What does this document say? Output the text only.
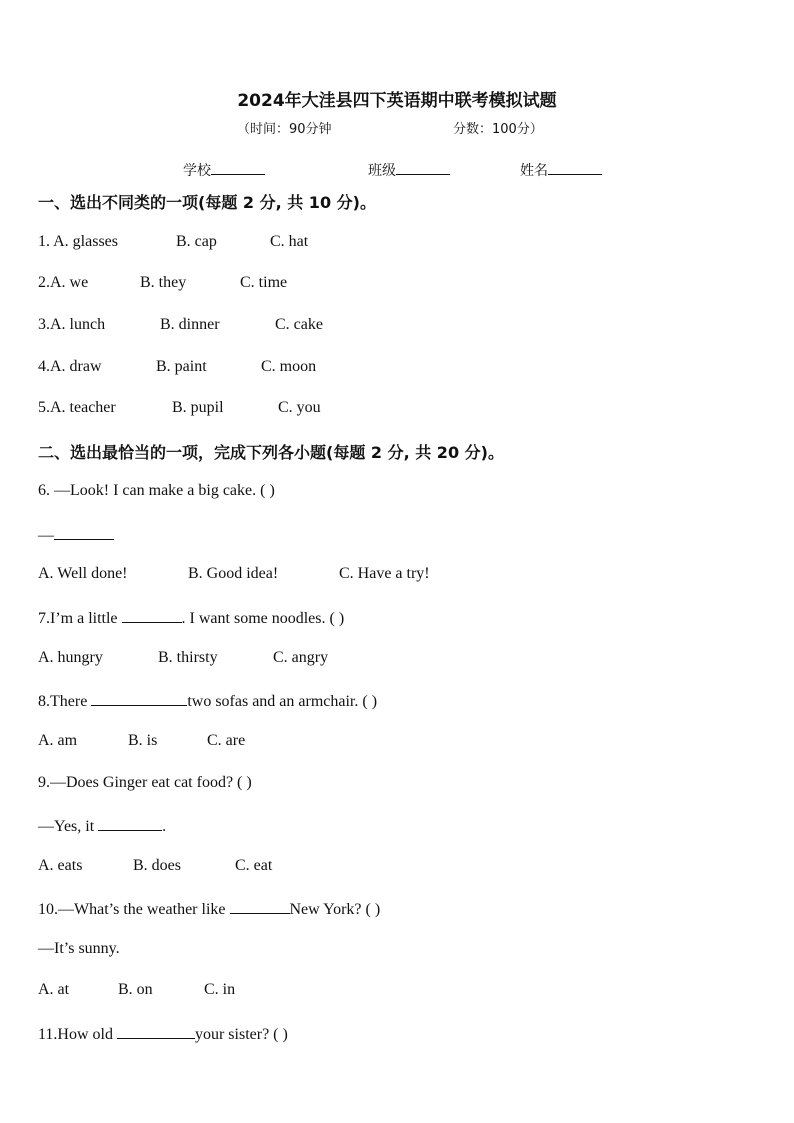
2024年大洼县四下英语期中联考模拟试题
（时间：90分钟	分数：100分）
学校	班级	姓名
一、选出不同类的一项(每题 2 分, 共 10 分)。
1. A. glasses	B. cap	C. hat
2.A. we	B. they	C. time
3.A. lunch	B. dinner	C. cake
4.A. draw	B. paint	C. moon
5.A. teacher	B. pupil	C. you
二、选出最恰当的一项，完成下列各小题(每题 2 分, 共 20 分)。
6. —Look! I can make a big cake. ( )
—
A. Well done!	B. Good idea!	C. Have a try!
7.I’m a little	. I want some noodles. ( )
A. hungry	B. thirsty	C. angry
8.There	two sofas and an armchair. ( )
A. am	B. is	C. are
9.—Does Ginger eat cat food? ( )
—Yes, it	.
A. eats	B. does	C. eat
10.—What’s the weather like	New York? ( )
—It’s sunny.
A. at	B. on	C. in
11.How old	your sister? ( )
